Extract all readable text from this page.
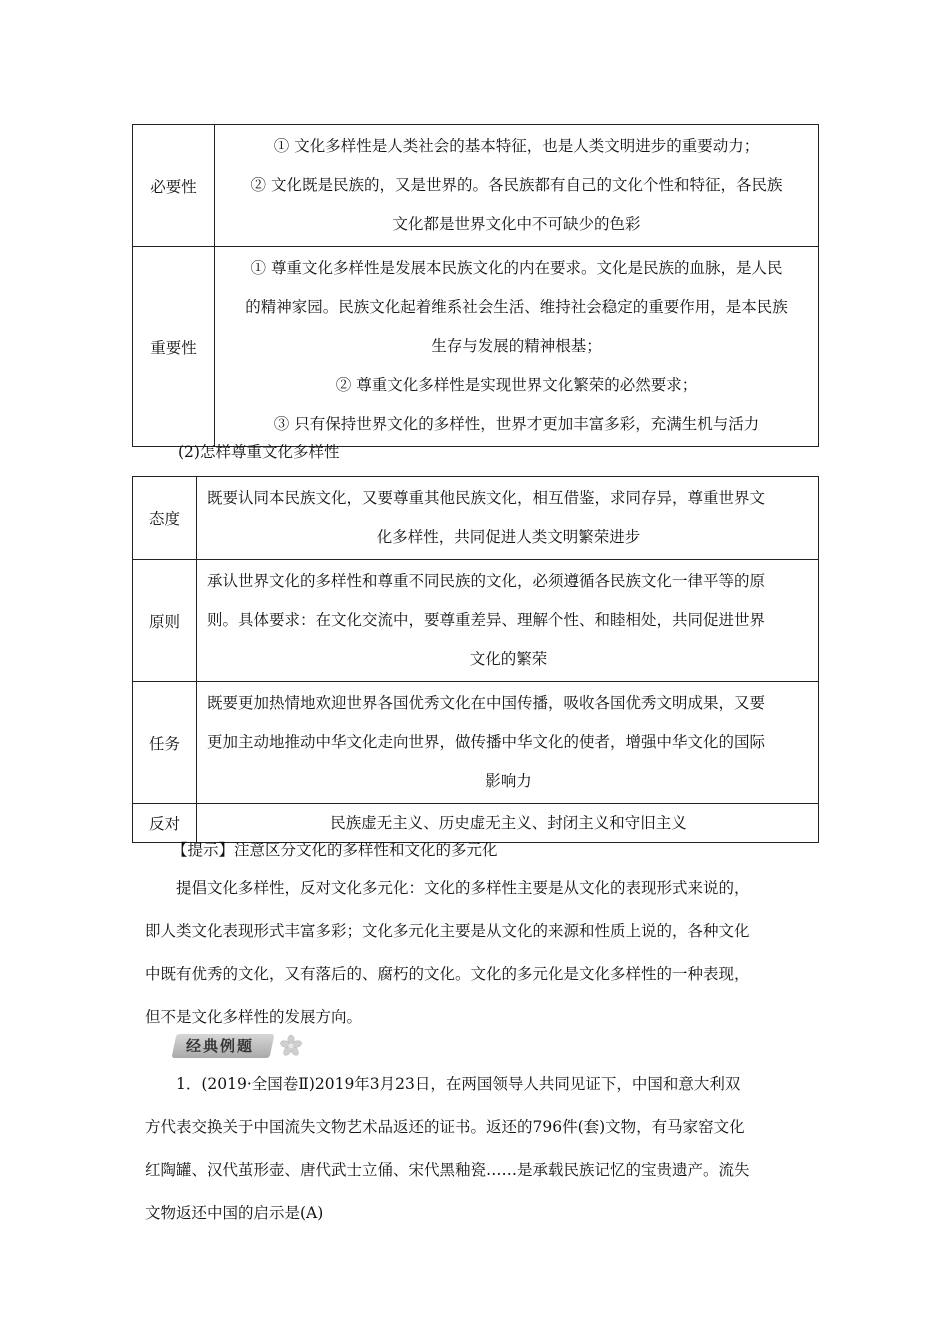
必要性	① 文化多样性是人类社会的基本特征，也是人类文明进步的重要动力；
② 文化既是民族的，又是世界的。各民族都有自己的文化个性和特征，各民族
文化都是世界文化中不可缺少的色彩

重要性	① 尊重文化多样性是发展本民族文化的内在要求。文化是民族的血脉，是人民
的精神家园。民族文化起着维系社会生活、维持社会稳定的重要作用，是本民族
生存与发展的精神根基；
② 尊重文化多样性是实现世界文化繁荣的必然要求；
③ 只有保持世界文化的多样性，世界才更加丰富多彩，充满生机与活力
(2)怎样尊重文化多样性
态度	既要认同本民族文化，又要尊重其他民族文化，相互借鉴，求同存异，尊重世界文
化多样性，共同促进人类文明繁荣进步

原则	承认世界文化的多样性和尊重不同民族的文化，必须遵循各民族文化一律平等的原
则。具体要求：在文化交流中，要尊重差异、理解个性、和睦相处，共同促进世界
文化的繁荣

任务	既要更加热情地欢迎世界各国优秀文化在中国传播，吸收各国优秀文明成果，又要
更加主动地推动中华文化走向世界，做传播中华文化的使者，增强中华文化的国际
影响力

反对	民族虚无主义、历史虚无主义、封闭主义和守旧主义
【提示】注意区分文化的多样性和文化的多元化
　　提倡文化多样性，反对文化多元化：文化的多样性主要是从文化的表现形式来说的，
即人类文化表现形式丰富多彩；文化多元化主要是从文化的来源和性质上说的，各种文化
中既有优秀的文化，又有落后的、腐朽的文化。文化的多元化是文化多样性的一种表现，
但不是文化多样性的发展方向。
经典例题
　　1．(2019·全国卷Ⅱ)2019年3月23日，在两国领导人共同见证下，中国和意大利双
方代表交换关于中国流失文物艺术品返还的证书。返还的796件(套)文物，有马家窑文化
红陶罐、汉代茧形壶、唐代武士立俑、宋代黑釉瓷……是承载民族记忆的宝贵遗产。流失
文物返还中国的启示是(A)
